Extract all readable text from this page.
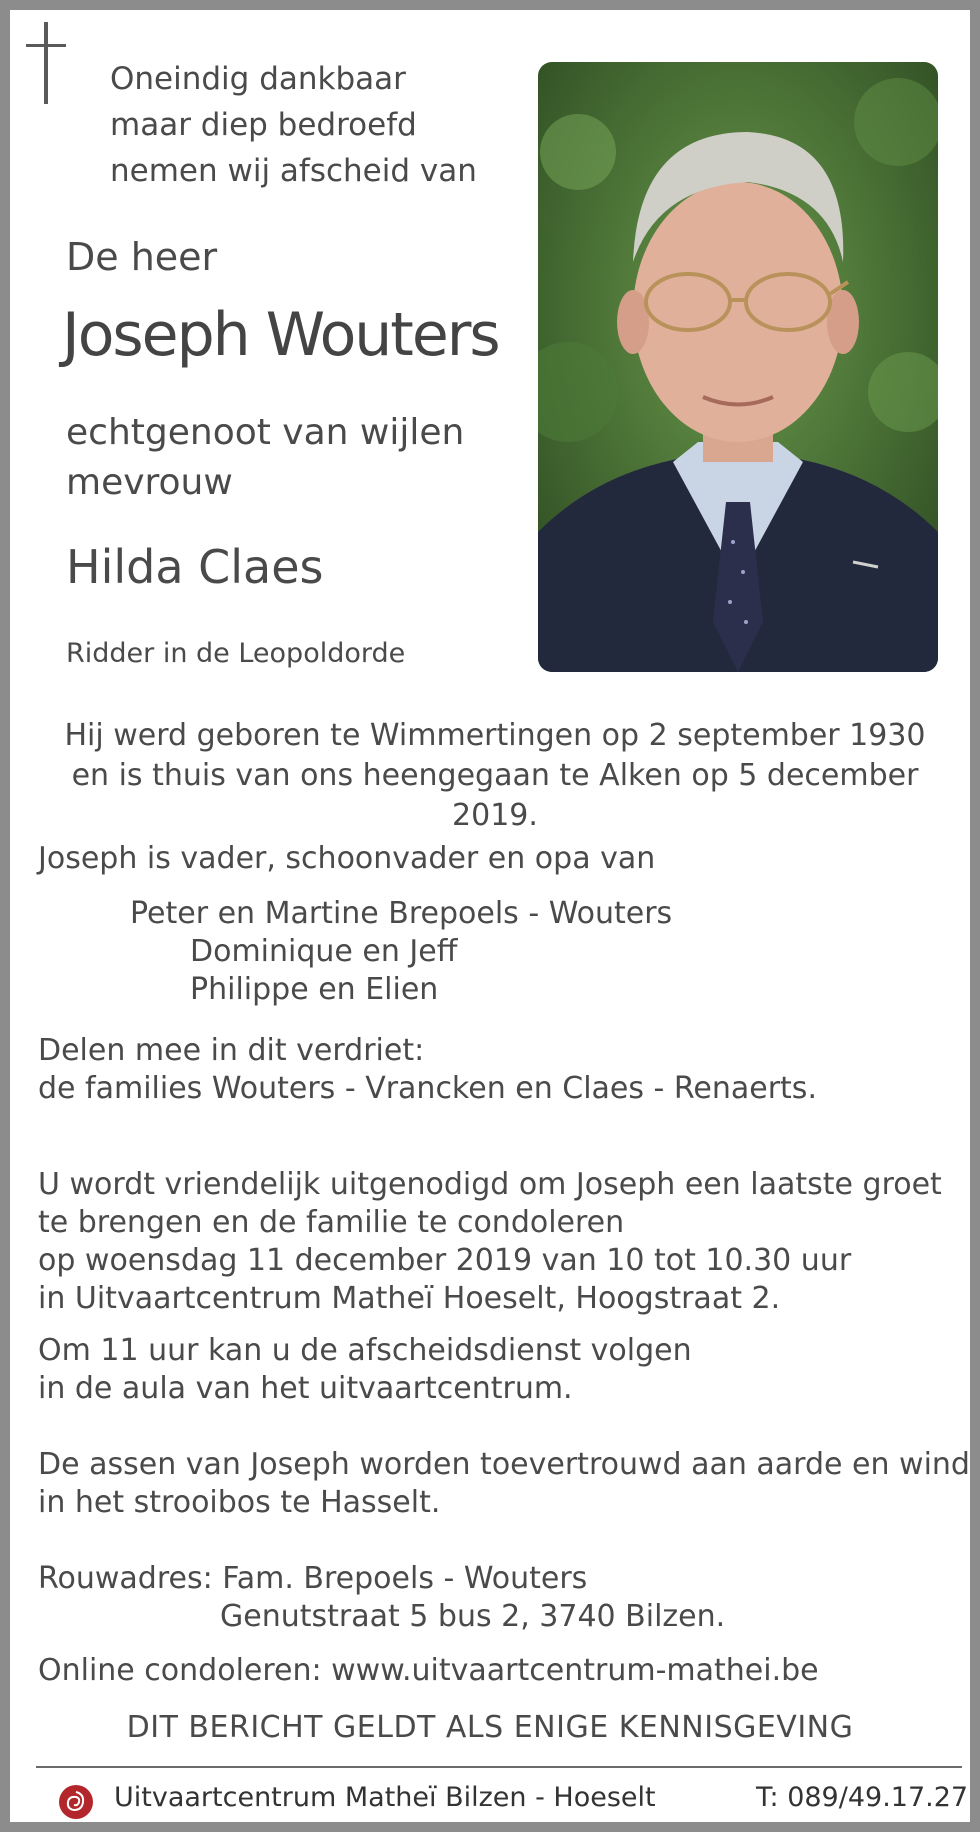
Oneindig dankbaar
maar diep bedroefd
nemen wij afscheid van
De heer
Joseph Wouters
echtgenoot van wijlen
mevrouw
Hilda Claes
Ridder in de Leopoldorde
Hij werd geboren te Wimmertingen op 2 september 1930
en is thuis van ons heengegaan te Alken op 5 december 2019.
Joseph is vader, schoonvader en opa van
Peter en Martine Brepoels - Wouters
Dominique en Jeff
Philippe en Elien
Delen mee in dit verdriet:
de families Wouters - Vrancken en Claes - Renaerts.
U wordt vriendelijk uitgenodigd om Joseph een laatste groet
te brengen en de familie te condoleren
op woensdag 11 december 2019 van 10 tot 10.30 uur
in Uitvaartcentrum Matheï Hoeselt, Hoogstraat 2.
Om 11 uur kan u de afscheidsdienst volgen
in de aula van het uitvaartcentrum.
De assen van Joseph worden toevertrouwd aan aarde en wind
in het strooibos te Hasselt.
Rouwadres: Fam. Brepoels - Wouters
Genutstraat 5 bus 2, 3740 Bilzen.
Online condoleren: www.uitvaartcentrum-mathei.be
DIT BERICHT GELDT ALS ENIGE KENNISGEVING
Uitvaartcentrum Matheï Bilzen - Hoeselt	T: 089/49.17.27
